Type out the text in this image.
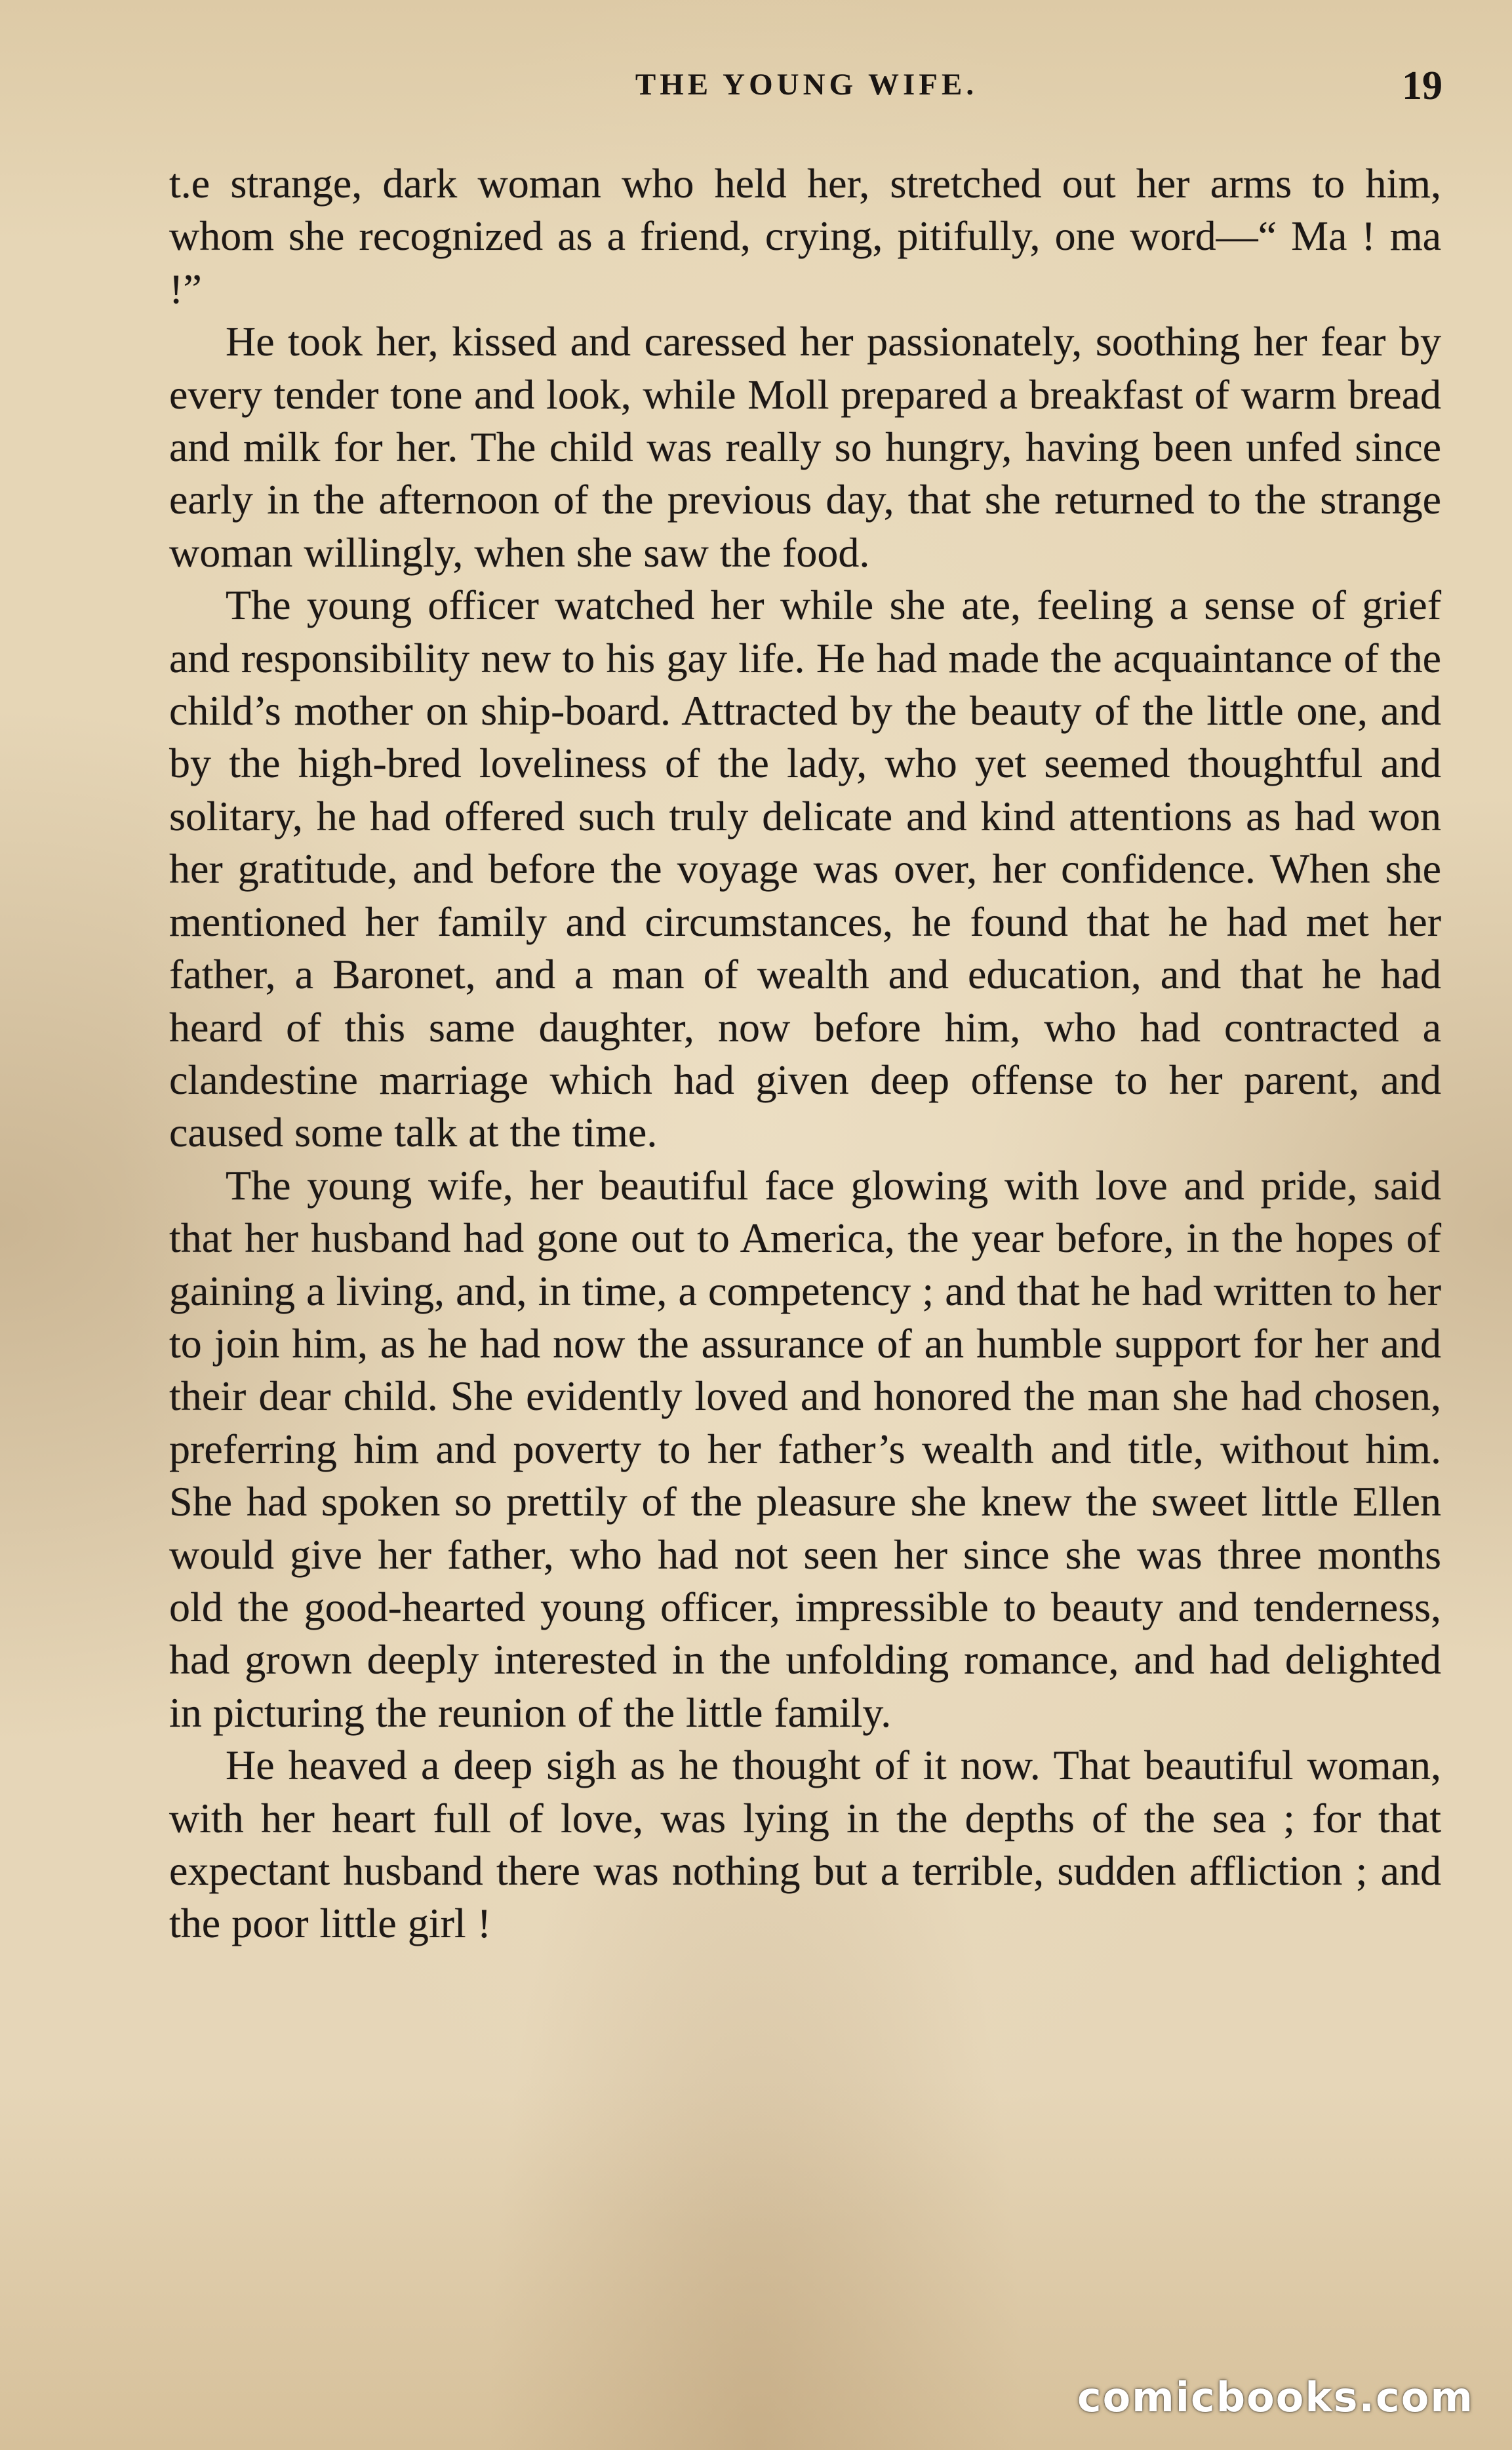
THE YOUNG WIFE.	19

t.e strange, dark woman who held her, stretched out her arms to him, whom she recognized as a friend, crying, pitifully, one word—“ Ma ! ma !”

He took her, kissed and caressed her passionately, soothing her fear by every tender tone and look, while Moll prepared a breakfast of warm bread and milk for her. The child was really so hungry, having been unfed since early in the afternoon of the previous day, that she returned to the strange woman willingly, when she saw the food.

The young officer watched her while she ate, feeling a sense of grief and responsibility new to his gay life. He had made the acquaintance of the child’s mother on ship-board. Attracted by the beauty of the little one, and by the high-bred loveliness of the lady, who yet seemed thoughtful and solitary, he had offered such truly delicate and kind attentions as had won her gratitude, and before the voyage was over, her confidence. When she mentioned her family and circumstances, he found that he had met her father, a Baronet, and a man of wealth and education, and that he had heard of this same daughter, now before him, who had contracted a clandestine marriage which had given deep offense to her parent, and caused some talk at the time.

The young wife, her beautiful face glowing with love and pride, said that her husband had gone out to America, the year before, in the hopes of gaining a living, and, in time, a competency ; and that he had written to her to join him, as he had now the assurance of an humble support for her and their dear child. She evidently loved and honored the man she had chosen, preferring him and poverty to her father’s wealth and title, without him. She had spoken so prettily of the pleasure she knew the sweet little Ellen would give her father, who had not seen her since she was three months old the good-hearted young officer, impressible to beauty and tenderness, had grown deeply interested in the unfolding romance, and had delighted in picturing the reunion of the little family.

He heaved a deep sigh as he thought of it now. That beautiful woman, with her heart full of love, was lying in the depths of the sea ; for that expectant husband there was nothing but a terrible, sudden affliction ; and the poor little girl !

comicbooks.com
